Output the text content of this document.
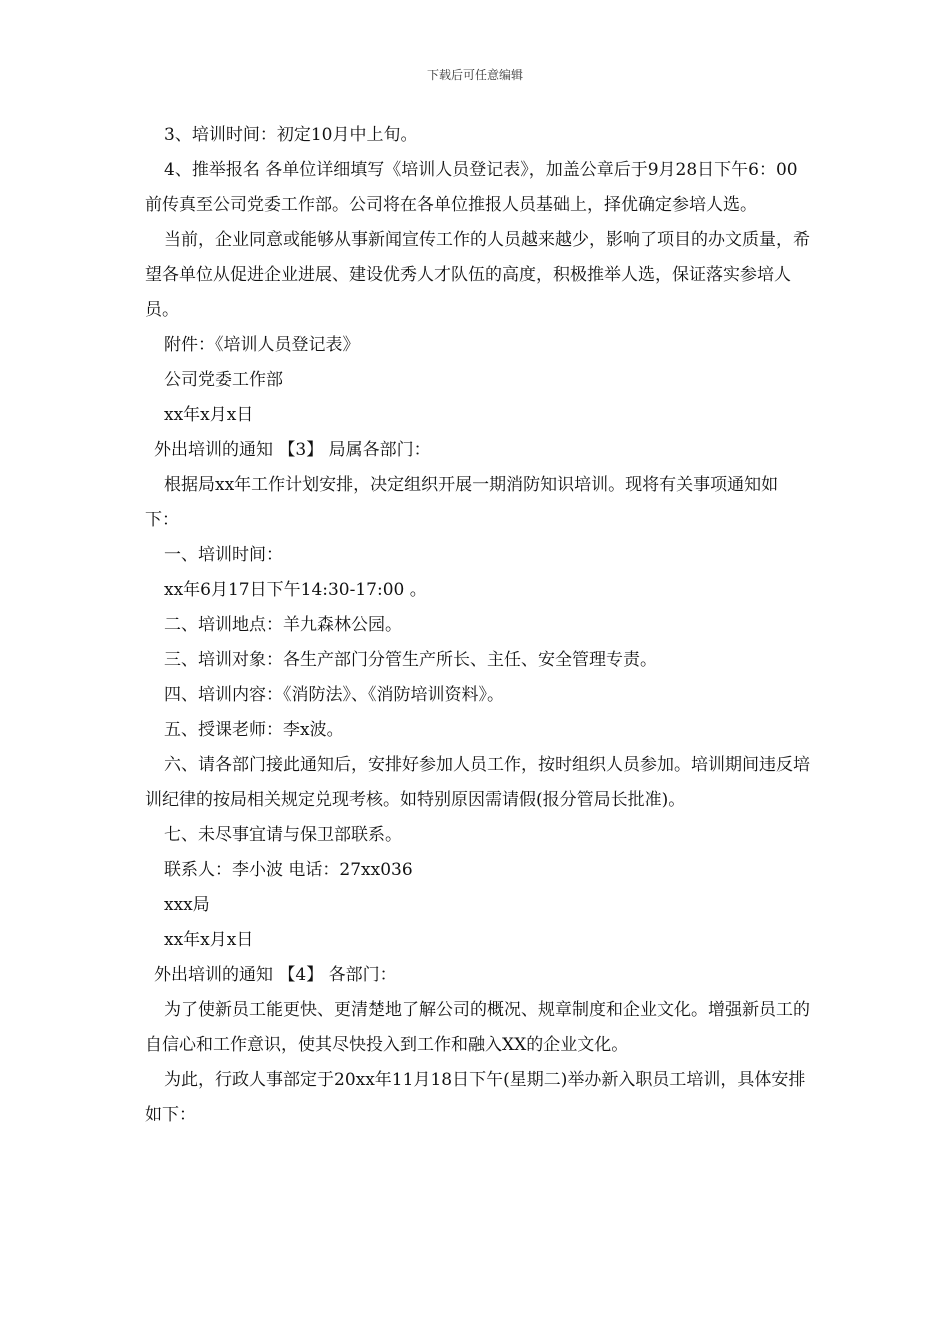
下载后可任意编辑

3、培训时间：初定10月中上旬。

4、推举报名 各单位详细填写《培训人员登记表》，加盖公章后于9月28日下午6：00前传真至公司党委工作部。公司将在各单位推报人员基础上，择优确定参培人选。

当前，企业同意或能够从事新闻宣传工作的人员越来越少，影响了项目的办文质量，希望各单位从促进企业进展、建设优秀人才队伍的高度，积极推举人选，保证落实参培人员。

附件：《培训人员登记表》

公司党委工作部

xx年x月x日

外出培训的通知 【3】 局属各部门：

根据局xx年工作计划安排，决定组织开展一期消防知识培训。现将有关事项通知如下：

一、培训时间：

xx年6月17日下午14:30-17:00 。

二、培训地点：羊九森林公园。

三、培训对象：各生产部门分管生产所长、主任、安全管理专责。

四、培训内容：《消防法》、《消防培训资料》。

五、授课老师：李x波。

六、请各部门接此通知后，安排好参加人员工作，按时组织人员参加。培训期间违反培训纪律的按局相关规定兑现考核。如特别原因需请假(报分管局长批准)。

七、未尽事宜请与保卫部联系。

联系人：李小波 电话：27xx036

xxx局

xx年x月x日

外出培训的通知 【4】 各部门：

为了使新员工能更快、更清楚地了解公司的概况、规章制度和企业文化。增强新员工的自信心和工作意识，使其尽快投入到工作和融入XX的企业文化。

为此，行政人事部定于20xx年11月18日下午(星期二)举办新入职员工培训，具体安排如下：
